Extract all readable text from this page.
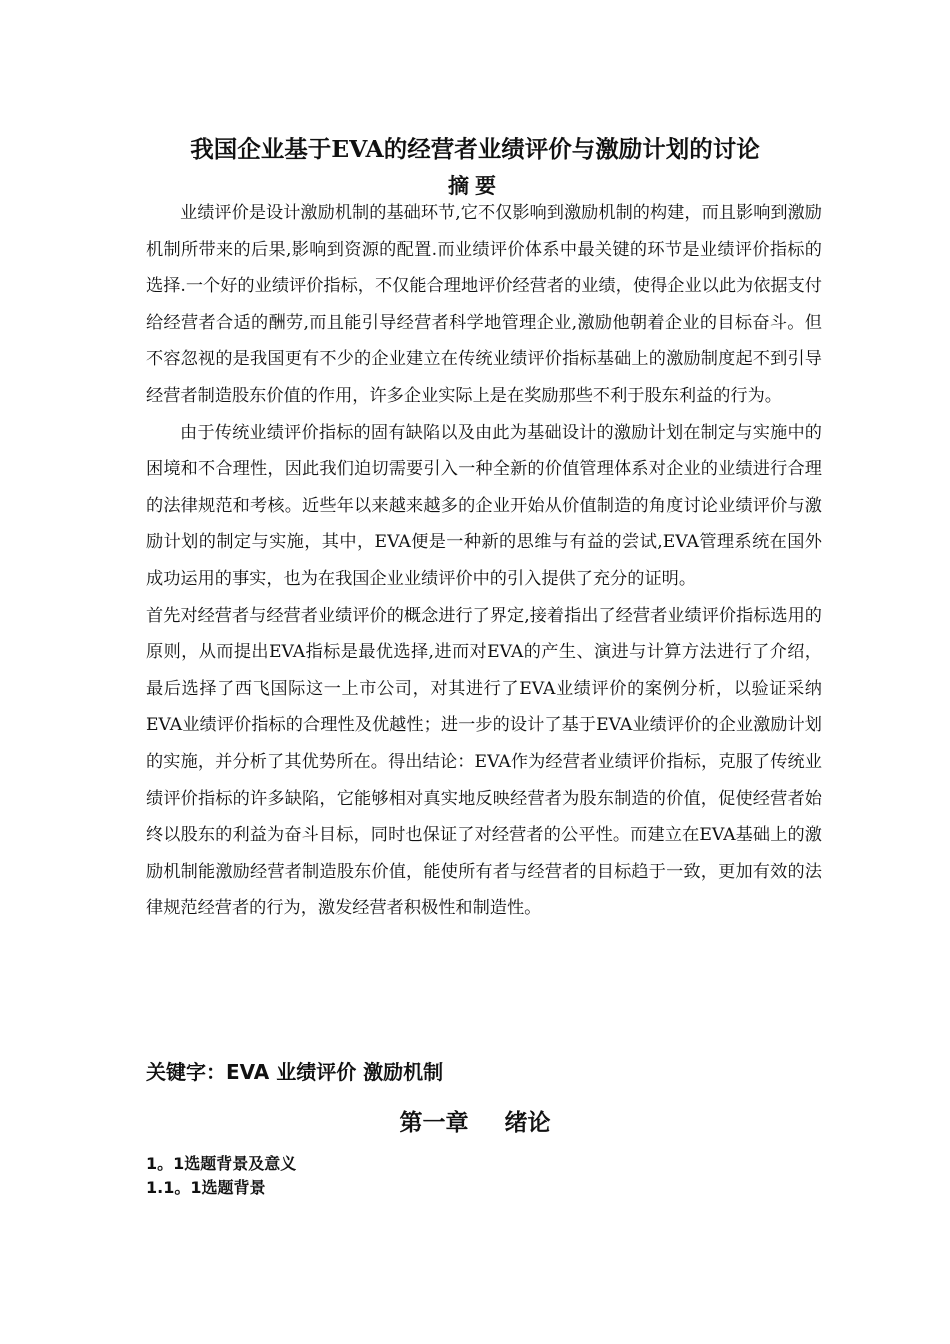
我国企业基于EVA的经营者业绩评价与激励计划的讨论
摘要

业绩评价是设计激励机制的基础环节,它不仅影响到激励机制的构建，而且影响到激励机制所带来的后果,影响到资源的配置.而业绩评价体系中最关键的环节是业绩评价指标的选择.一个好的业绩评价指标，不仅能合理地评价经营者的业绩，使得企业以此为依据支付给经营者合适的酬劳,而且能引导经营者科学地管理企业,激励他朝着企业的目标奋斗。但不容忽视的是我国更有不少的企业建立在传统业绩评价指标基础上的激励制度起不到引导经营者制造股东价值的作用，许多企业实际上是在奖励那些不利于股东利益的行为。

由于传统业绩评价指标的固有缺陷以及由此为基础设计的激励计划在制定与实施中的困境和不合理性，因此我们迫切需要引入一种全新的价值管理体系对企业的业绩进行合理的法律规范和考核。近些年以来越来越多的企业开始从价值制造的角度讨论业绩评价与激励计划的制定与实施，其中，EVA便是一种新的思维与有益的尝试,EVA管理系统在国外成功运用的事实，也为在我国企业业绩评价中的引入提供了充分的证明。

首先对经营者与经营者业绩评价的概念进行了界定,接着指出了经营者业绩评价指标选用的原则，从而提出EVA指标是最优选择,进而对EVA的产生、演进与计算方法进行了介绍，最后选择了西飞国际这一上市公司，对其进行了EVA业绩评价的案例分析，以验证采纳EVA业绩评价指标的合理性及优越性；进一步的设计了基于EVA业绩评价的企业激励计划的实施，并分析了其优势所在。得出结论：EVA作为经营者业绩评价指标，克服了传统业绩评价指标的许多缺陷，它能够相对真实地反映经营者为股东制造的价值，促使经营者始终以股东的利益为奋斗目标，同时也保证了对经营者的公平性。而建立在EVA基础上的激励机制能激励经营者制造股东价值，能使所有者与经营者的目标趋于一致，更加有效的法律规范经营者的行为，激发经营者积极性和制造性。

关键字：EVA 业绩评价 激励机制
第一章 绪论
1。1选题背景及意义
1.1。1选题背景
